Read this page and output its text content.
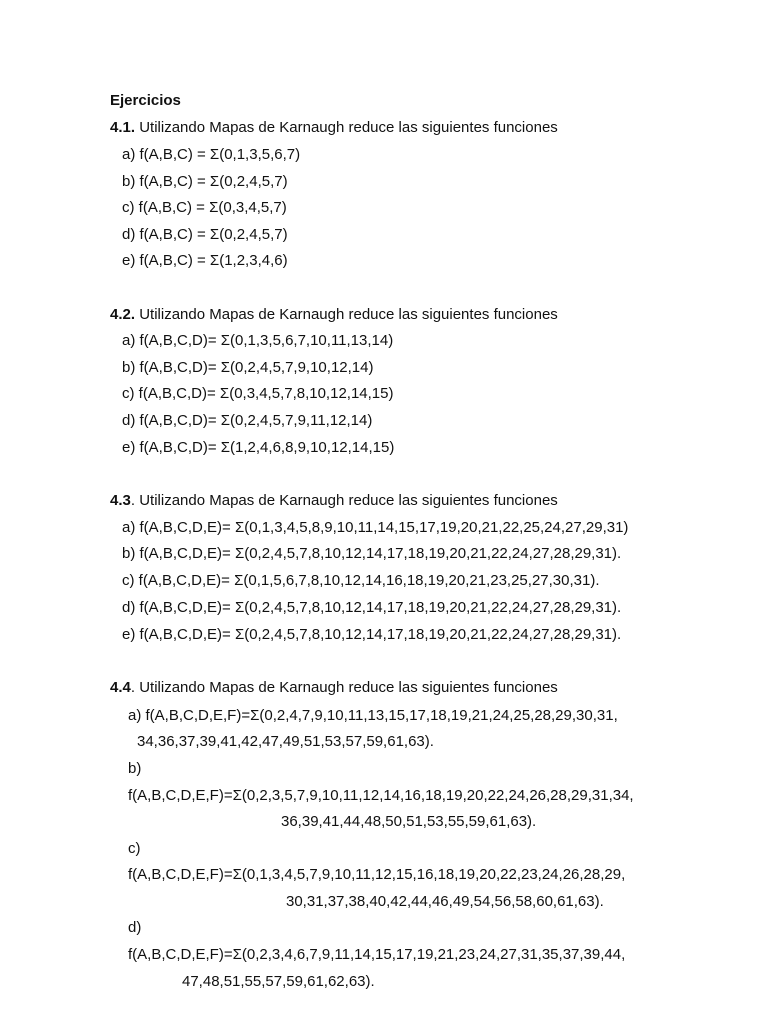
Ejercicios
4.1. Utilizando Mapas de Karnaugh reduce las siguientes funciones
a) f(A,B,C) = Σ(0,1,3,5,6,7)
b) f(A,B,C) = Σ(0,2,4,5,7)
c) f(A,B,C) = Σ(0,3,4,5,7)
d) f(A,B,C) = Σ(0,2,4,5,7)
e) f(A,B,C) = Σ(1,2,3,4,6)
4.2. Utilizando Mapas de Karnaugh reduce las siguientes funciones
a) f(A,B,C,D)= Σ(0,1,3,5,6,7,10,11,13,14)
b) f(A,B,C,D)= Σ(0,2,4,5,7,9,10,12,14)
c) f(A,B,C,D)= Σ(0,3,4,5,7,8,10,12,14,15)
d) f(A,B,C,D)= Σ(0,2,4,5,7,9,11,12,14)
e) f(A,B,C,D)= Σ(1,2,4,6,8,9,10,12,14,15)
4.3. Utilizando Mapas de Karnaugh reduce las siguientes funciones
a) f(A,B,C,D,E)= Σ(0,1,3,4,5,8,9,10,11,14,15,17,19,20,21,22,25,24,27,29,31)
b) f(A,B,C,D,E)= Σ(0,2,4,5,7,8,10,12,14,17,18,19,20,21,22,24,27,28,29,31).
c) f(A,B,C,D,E)= Σ(0,1,5,6,7,8,10,12,14,16,18,19,20,21,23,25,27,30,31).
d) f(A,B,C,D,E)= Σ(0,2,4,5,7,8,10,12,14,17,18,19,20,21,22,24,27,28,29,31).
e) f(A,B,C,D,E)= Σ(0,2,4,5,7,8,10,12,14,17,18,19,20,21,22,24,27,28,29,31).
4.4. Utilizando Mapas de Karnaugh reduce las siguientes funciones
a) f(A,B,C,D,E,F)=Σ(0,2,4,7,9,10,11,13,15,17,18,19,21,24,25,28,29,30,31,
34,36,37,39,41,42,47,49,51,53,57,59,61,63).
b)
f(A,B,C,D,E,F)=Σ(0,2,3,5,7,9,10,11,12,14,16,18,19,20,22,24,26,28,29,31,34,
36,39,41,44,48,50,51,53,55,59,61,63).
c)
f(A,B,C,D,E,F)=Σ(0,1,3,4,5,7,9,10,11,12,15,16,18,19,20,22,23,24,26,28,29,
30,31,37,38,40,42,44,46,49,54,56,58,60,61,63).
d)
f(A,B,C,D,E,F)=Σ(0,2,3,4,6,7,9,11,14,15,17,19,21,23,24,27,31,35,37,39,44,
47,48,51,55,57,59,61,62,63).
